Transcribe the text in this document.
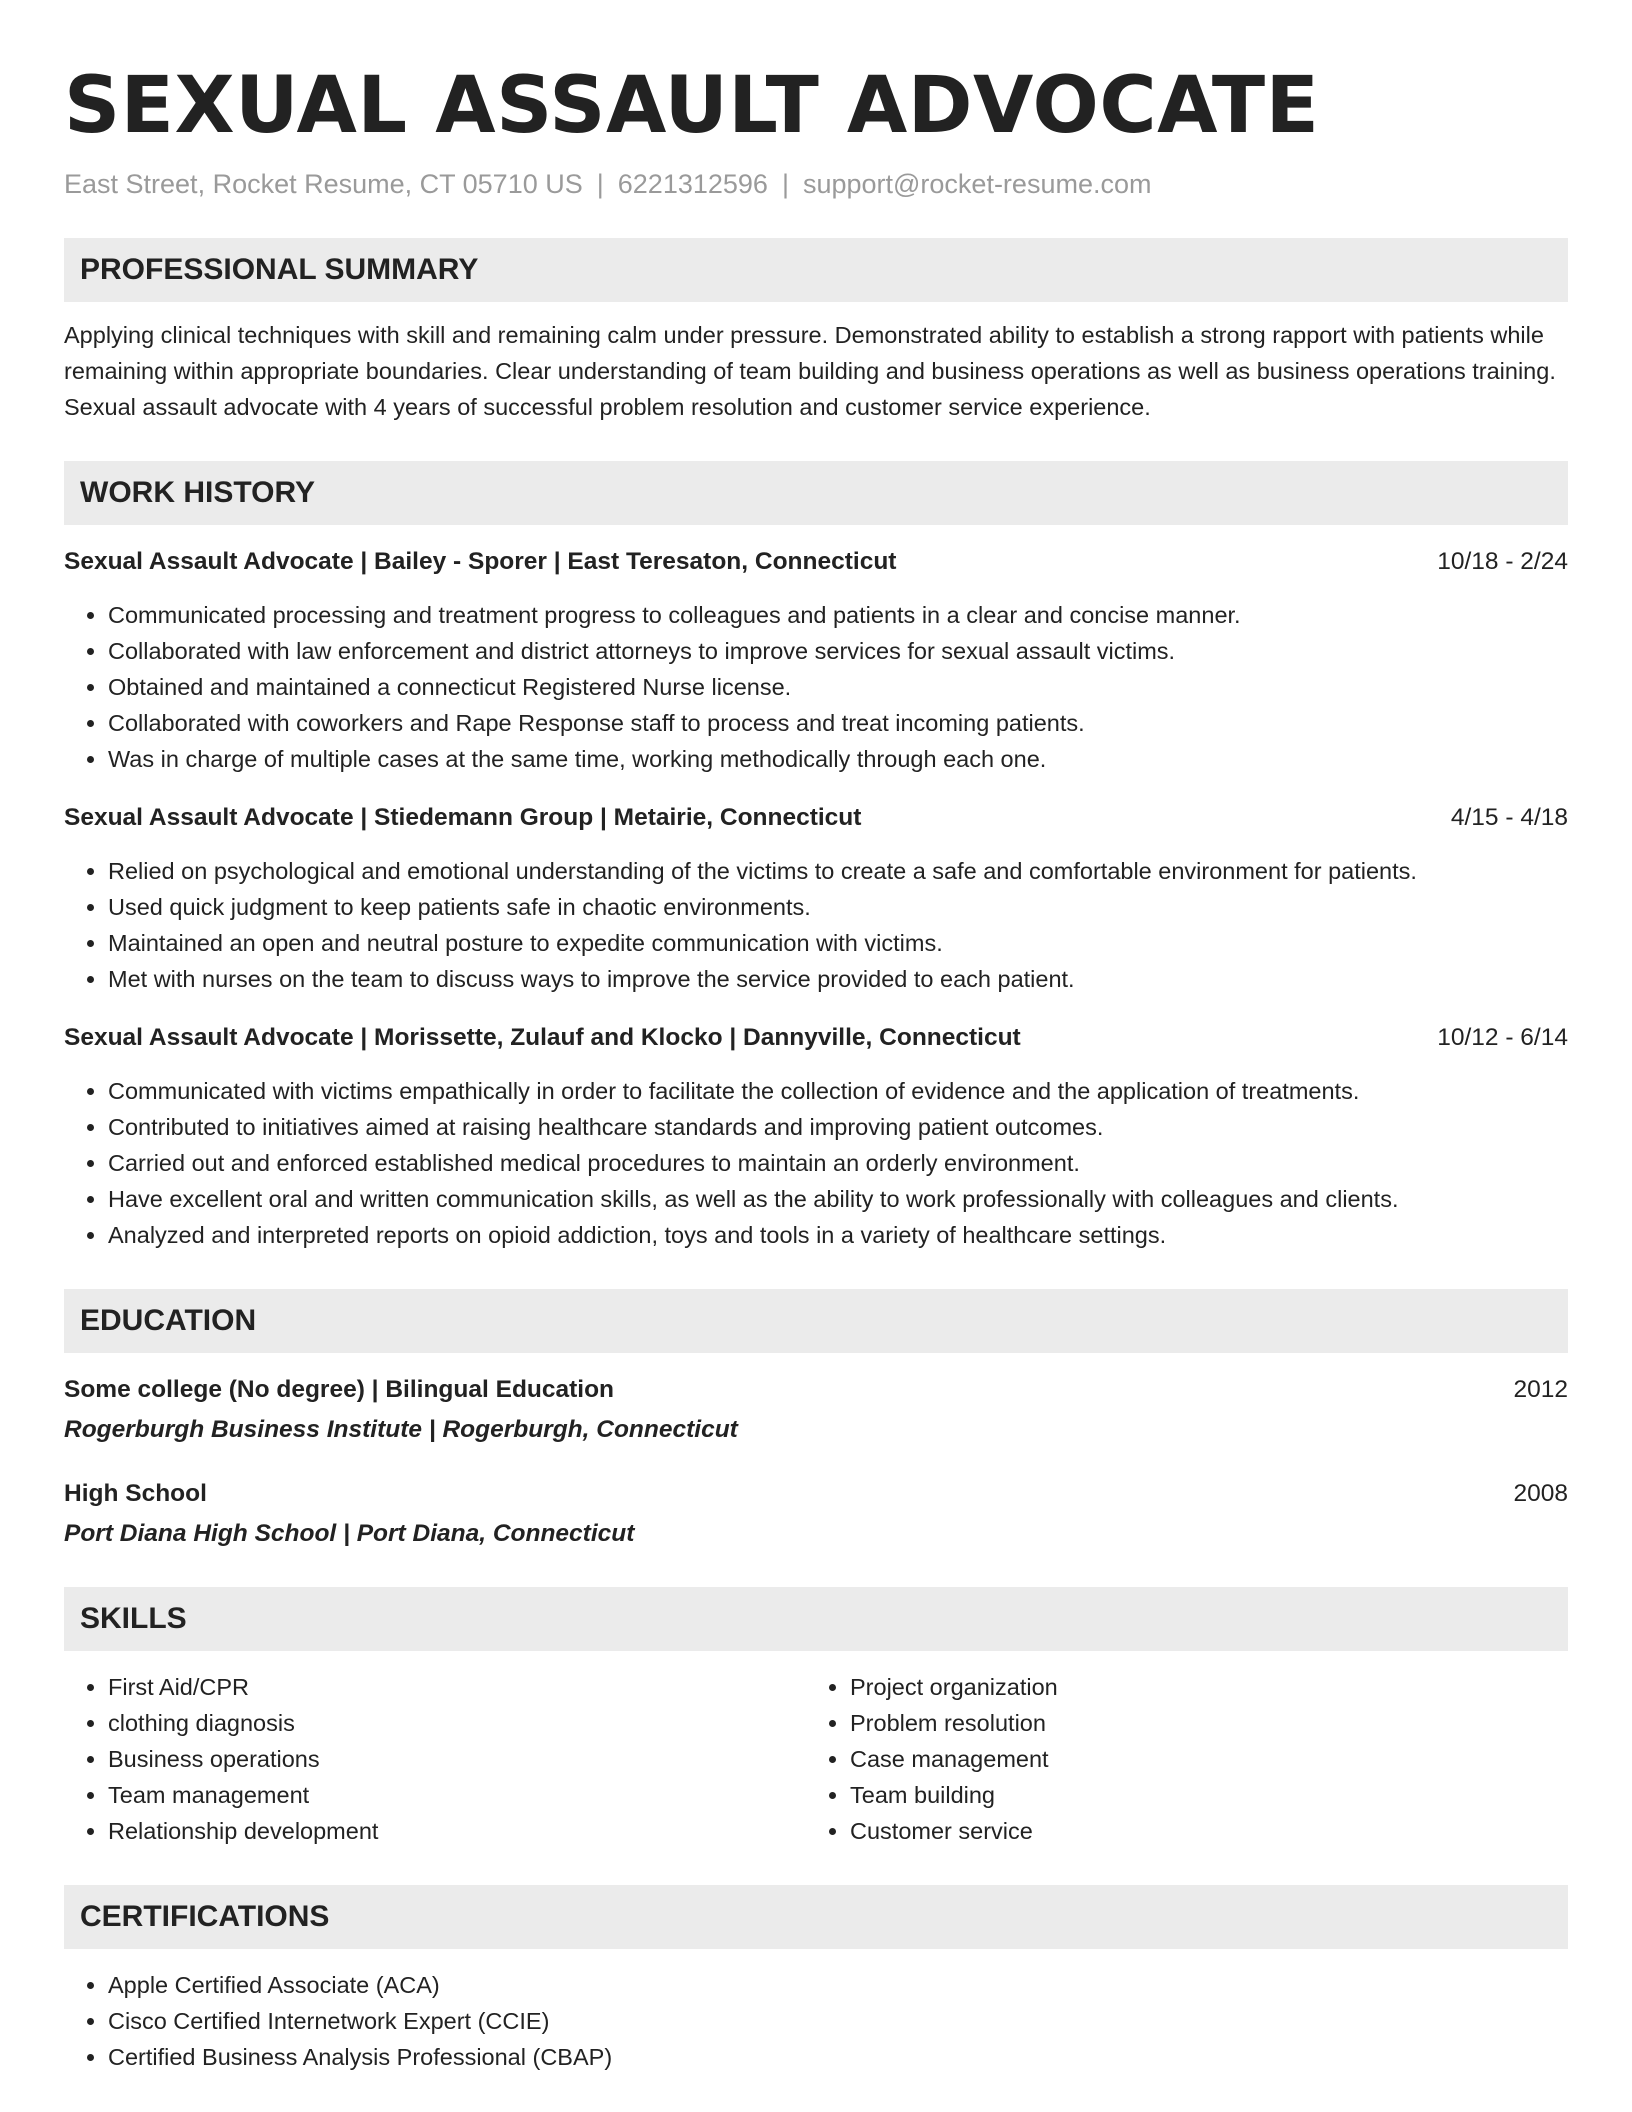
SEXUAL ASSAULT ADVOCATE
East Street, Rocket Resume, CT 05710 US | 6221312596 | support@rocket-resume.com
PROFESSIONAL SUMMARY

Applying clinical techniques with skill and remaining calm under pressure. Demonstrated ability to establish a strong rapport with patients while remaining within appropriate boundaries. Clear understanding of team building and business operations as well as business operations training. Sexual assault advocate with 4 years of successful problem resolution and customer service experience.

WORK HISTORY
Sexual Assault Advocate | Bailey - Sporer | East Teresaton, Connecticut	10/18 - 2/24
• Communicated processing and treatment progress to colleagues and patients in a clear and concise manner.
• Collaborated with law enforcement and district attorneys to improve services for sexual assault victims.
• Obtained and maintained a connecticut Registered Nurse license.
• Collaborated with coworkers and Rape Response staff to process and treat incoming patients.
• Was in charge of multiple cases at the same time, working methodically through each one.
Sexual Assault Advocate | Stiedemann Group | Metairie, Connecticut	4/15 - 4/18
• Relied on psychological and emotional understanding of the victims to create a safe and comfortable environment for patients.
• Used quick judgment to keep patients safe in chaotic environments.
• Maintained an open and neutral posture to expedite communication with victims.
• Met with nurses on the team to discuss ways to improve the service provided to each patient.
Sexual Assault Advocate | Morissette, Zulauf and Klocko | Dannyville, Connecticut	10/12 - 6/14
• Communicated with victims empathically in order to facilitate the collection of evidence and the application of treatments.
• Contributed to initiatives aimed at raising healthcare standards and improving patient outcomes.
• Carried out and enforced established medical procedures to maintain an orderly environment.
• Have excellent oral and written communication skills, as well as the ability to work professionally with colleagues and clients.
• Analyzed and interpreted reports on opioid addiction, toys and tools in a variety of healthcare settings.
EDUCATION
Some college (No degree) | Bilingual Education	2012
Rogerburgh Business Institute | Rogerburgh, Connecticut
High School	2008
Port Diana High School | Port Diana, Connecticut
SKILLS
• First Aid/CPR
• clothing diagnosis
• Business operations
• Team management
• Relationship development
• Project organization
• Problem resolution
• Case management
• Team building
• Customer service
CERTIFICATIONS
• Apple Certified Associate (ACA)
• Cisco Certified Internetwork Expert (CCIE)
• Certified Business Analysis Professional (CBAP)
